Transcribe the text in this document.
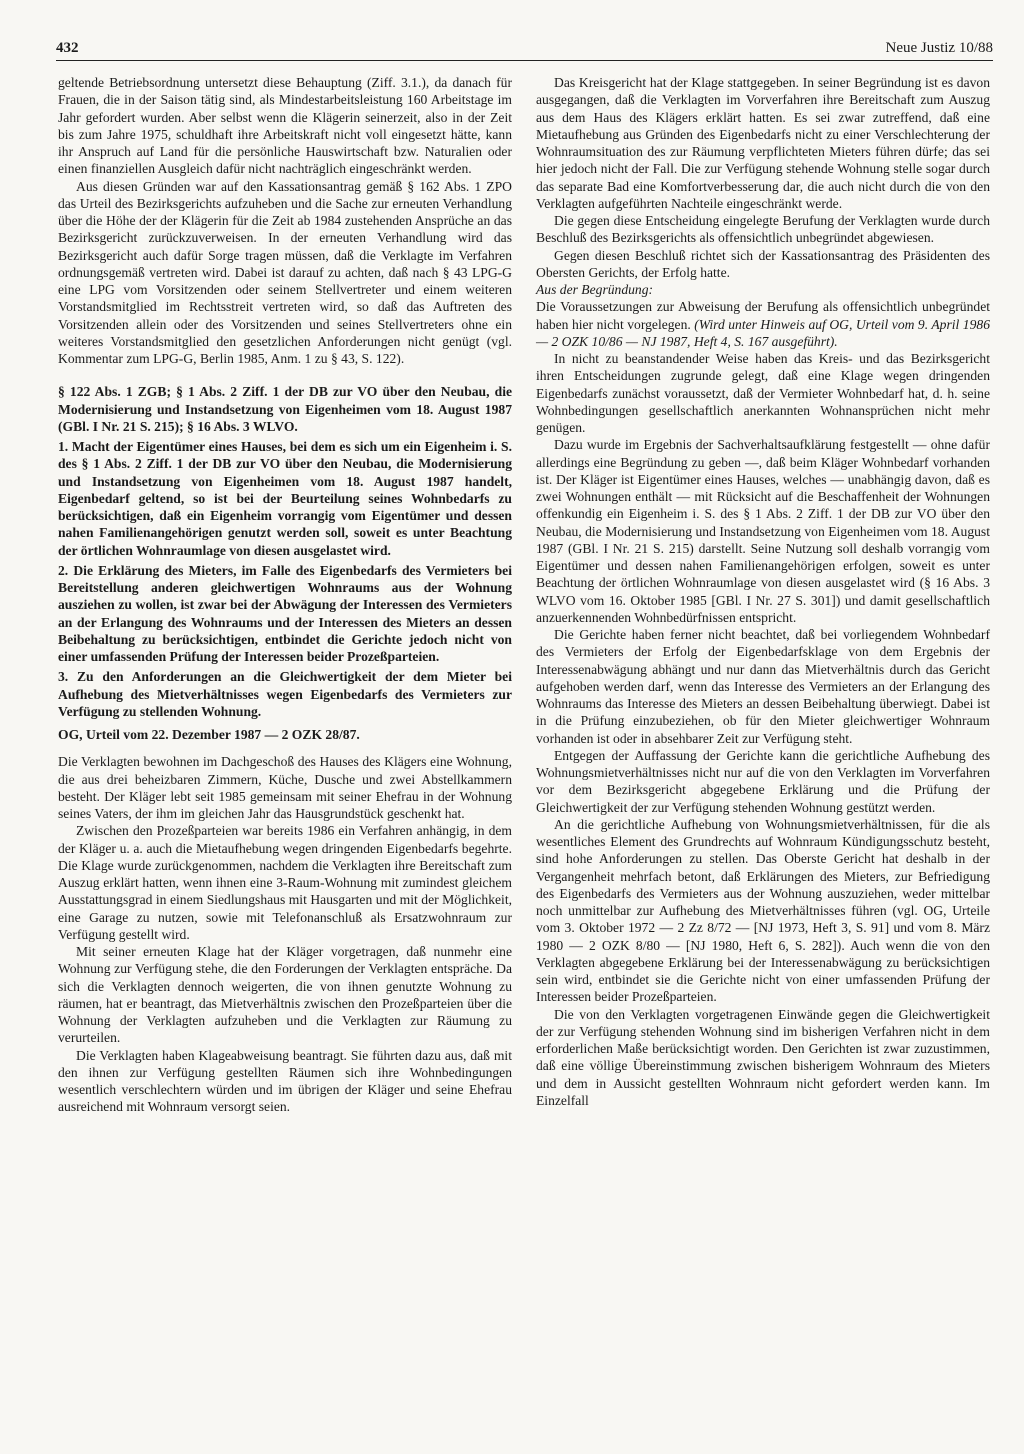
432	Neue Justiz 10/88

geltende Betriebsordnung untersetzt diese Behauptung (Ziff. 3.1.), da danach für Frauen, die in der Saison tätig sind, als Mindestarbeitsleistung 160 Arbeitstage im Jahr gefordert wurden. Aber selbst wenn die Klägerin seinerzeit, also in der Zeit bis zum Jahre 1975, schuldhaft ihre Arbeitskraft nicht voll eingesetzt hätte, kann ihr Anspruch auf Land für die persönliche Hauswirtschaft bzw. Naturalien oder einen finanziellen Ausgleich dafür nicht nachträglich eingeschränkt werden.

Aus diesen Gründen war auf den Kassationsantrag gemäß § 162 Abs. 1 ZPO das Urteil des Bezirksgerichts aufzuheben und die Sache zur erneuten Verhandlung über die Höhe der der Klägerin für die Zeit ab 1984 zustehenden Ansprüche an das Bezirksgericht zurückzuverweisen. In der erneuten Verhandlung wird das Bezirksgericht auch dafür Sorge tragen müssen, daß die Verklagte im Verfahren ordnungsgemäß vertreten wird. Dabei ist darauf zu achten, daß nach § 43 LPG-G eine LPG vom Vorsitzenden oder seinem Stellvertreter und einem weiteren Vorstandsmitglied im Rechtsstreit vertreten wird, so daß das Auftreten des Vorsitzenden allein oder des Vorsitzenden und seines Stellvertreters ohne ein weiteres Vorstandsmitglied den gesetzlichen Anforderungen nicht genügt (vgl. Kommentar zum LPG-G, Berlin 1985, Anm. 1 zu § 43, S. 122).

§ 122 Abs. 1 ZGB; § 1 Abs. 2 Ziff. 1 der DB zur VO über den Neubau, die Modernisierung und Instandsetzung von Eigenheimen vom 18. August 1987 (GBl. I Nr. 21 S. 215); § 16 Abs. 3 WLVO.

1. Macht der Eigentümer eines Hauses, bei dem es sich um ein Eigenheim i. S. des § 1 Abs. 2 Ziff. 1 der DB zur VO über den Neubau, die Modernisierung und Instandsetzung von Eigenheimen vom 18. August 1987 handelt, Eigenbedarf geltend, so ist bei der Beurteilung seines Wohnbedarfs zu berücksichtigen, daß ein Eigenheim vorrangig vom Eigentümer und dessen nahen Familienangehörigen genutzt werden soll, soweit es unter Beachtung der örtlichen Wohnraumlage von diesen ausgelastet wird.

2. Die Erklärung des Mieters, im Falle des Eigenbedarfs des Vermieters bei Bereitstellung anderen gleichwertigen Wohnraums aus der Wohnung ausziehen zu wollen, ist zwar bei der Abwägung der Interessen des Vermieters an der Erlangung des Wohnraums und der Interessen des Mieters an dessen Beibehaltung zu berücksichtigen, entbindet die Gerichte jedoch nicht von einer umfassenden Prüfung der Interessen beider Prozeßparteien.

3. Zu den Anforderungen an die Gleichwertigkeit der dem Mieter bei Aufhebung des Mietverhältnisses wegen Eigenbedarfs des Vermieters zur Verfügung zu stellenden Wohnung.

OG, Urteil vom 22. Dezember 1987 — 2 OZK 28/87.

Die Verklagten bewohnen im Dachgeschoß des Hauses des Klägers eine Wohnung, die aus drei beheizbaren Zimmern, Küche, Dusche und zwei Abstellkammern besteht. Der Kläger lebt seit 1985 gemeinsam mit seiner Ehefrau in der Wohnung seines Vaters, der ihm im gleichen Jahr das Hausgrundstück geschenkt hat.

Zwischen den Prozeßparteien war bereits 1986 ein Verfahren anhängig, in dem der Kläger u. a. auch die Mietaufhebung wegen dringenden Eigenbedarfs begehrte. Die Klage wurde zurückgenommen, nachdem die Verklagten ihre Bereitschaft zum Auszug erklärt hatten, wenn ihnen eine 3-Raum-Wohnung mit zumindest gleichem Ausstattungsgrad in einem Siedlungshaus mit Hausgarten und mit der Möglichkeit, eine Garage zu nutzen, sowie mit Telefonanschluß als Ersatzwohnraum zur Verfügung gestellt wird.

Mit seiner erneuten Klage hat der Kläger vorgetragen, daß nunmehr eine Wohnung zur Verfügung stehe, die den Forderungen der Verklagten entspräche. Da sich die Verklagten dennoch weigerten, die von ihnen genutzte Wohnung zu räumen, hat er beantragt, das Mietverhältnis zwischen den Prozeßparteien über die Wohnung der Verklagten aufzuheben und die Verklagten zur Räumung zu verurteilen.

Die Verklagten haben Klageabweisung beantragt. Sie führten dazu aus, daß mit den ihnen zur Verfügung gestellten Räumen sich ihre Wohnbedingungen wesentlich verschlechtern würden und im übrigen der Kläger und seine Ehefrau ausreichend mit Wohnraum versorgt seien.

Das Kreisgericht hat der Klage stattgegeben. In seiner Begründung ist es davon ausgegangen, daß die Verklagten im Vorverfahren ihre Bereitschaft zum Auszug aus dem Haus des Klägers erklärt hatten. Es sei zwar zutreffend, daß eine Mietaufhebung aus Gründen des Eigenbedarfs nicht zu einer Verschlechterung der Wohnraumsituation des zur Räumung verpflichteten Mieters führen dürfe; das sei hier jedoch nicht der Fall. Die zur Verfügung stehende Wohnung stelle sogar durch das separate Bad eine Komfortverbesserung dar, die auch nicht durch die von den Verklagten aufgeführten Nachteile eingeschränkt werde.

Die gegen diese Entscheidung eingelegte Berufung der Verklagten wurde durch Beschluß des Bezirksgerichts als offensichtlich unbegründet abgewiesen.

Gegen diesen Beschluß richtet sich der Kassationsantrag des Präsidenten des Obersten Gerichts, der Erfolg hatte.

Aus der Begründung:

Die Voraussetzungen zur Abweisung der Berufung als offensichtlich unbegründet haben hier nicht vorgelegen. (Wird unter Hinweis auf OG, Urteil vom 9. April 1986 — 2 OZK 10/86 — NJ 1987, Heft 4, S. 167 ausgeführt).

In nicht zu beanstandender Weise haben das Kreis- und das Bezirksgericht ihren Entscheidungen zugrunde gelegt, daß eine Klage wegen dringenden Eigenbedarfs zunächst voraussetzt, daß der Vermieter Wohnbedarf hat, d. h. seine Wohnbedingungen gesellschaftlich anerkannten Wohnansprüchen nicht mehr genügen.

Dazu wurde im Ergebnis der Sachverhaltsaufklärung festgestellt — ohne dafür allerdings eine Begründung zu geben —, daß beim Kläger Wohnbedarf vorhanden ist. Der Kläger ist Eigentümer eines Hauses, welches — unabhängig davon, daß es zwei Wohnungen enthält — mit Rücksicht auf die Beschaffenheit der Wohnungen offenkundig ein Eigenheim i. S. des § 1 Abs. 2 Ziff. 1 der DB zur VO über den Neubau, die Modernisierung und Instandsetzung von Eigenheimen vom 18. August 1987 (GBl. I Nr. 21 S. 215) darstellt. Seine Nutzung soll deshalb vorrangig vom Eigentümer und dessen nahen Familienangehörigen erfolgen, soweit es unter Beachtung der örtlichen Wohnraumlage von diesen ausgelastet wird (§ 16 Abs. 3 WLVO vom 16. Oktober 1985 [GBl. I Nr. 27 S. 301]) und damit gesellschaftlich anzuerkennenden Wohnbedürfnissen entspricht.

Die Gerichte haben ferner nicht beachtet, daß bei vorliegendem Wohnbedarf des Vermieters der Erfolg der Eigenbedarfsklage von dem Ergebnis der Interessenabwägung abhängt und nur dann das Mietverhältnis durch das Gericht aufgehoben werden darf, wenn das Interesse des Vermieters an der Erlangung des Wohnraums das Interesse des Mieters an dessen Beibehaltung überwiegt. Dabei ist in die Prüfung einzubeziehen, ob für den Mieter gleichwertiger Wohnraum vorhanden ist oder in absehbarer Zeit zur Verfügung steht.

Entgegen der Auffassung der Gerichte kann die gerichtliche Aufhebung des Wohnungsmietverhältnisses nicht nur auf die von den Verklagten im Vorverfahren vor dem Bezirksgericht abgegebene Erklärung und die Prüfung der Gleichwertigkeit der zur Verfügung stehenden Wohnung gestützt werden.

An die gerichtliche Aufhebung von Wohnungsmietverhältnissen, für die als wesentliches Element des Grundrechts auf Wohnraum Kündigungsschutz besteht, sind hohe Anforderungen zu stellen. Das Oberste Gericht hat deshalb in der Vergangenheit mehrfach betont, daß Erklärungen des Mieters, zur Befriedigung des Eigenbedarfs des Vermieters aus der Wohnung auszuziehen, weder mittelbar noch unmittelbar zur Aufhebung des Mietverhältnisses führen (vgl. OG, Urteile vom 3. Oktober 1972 — 2 Zz 8/72 — [NJ 1973, Heft 3, S. 91] und vom 8. März 1980 — 2 OZK 8/80 — [NJ 1980, Heft 6, S. 282]). Auch wenn die von den Verklagten abgegebene Erklärung bei der Interessenabwägung zu berücksichtigen sein wird, entbindet sie die Gerichte nicht von einer umfassenden Prüfung der Interessen beider Prozeßparteien.

Die von den Verklagten vorgetragenen Einwände gegen die Gleichwertigkeit der zur Verfügung stehenden Wohnung sind im bisherigen Verfahren nicht in dem erforderlichen Maße berücksichtigt worden. Den Gerichten ist zwar zuzustimmen, daß eine völlige Übereinstimmung zwischen bisherigem Wohnraum des Mieters und dem in Aussicht gestellten Wohnraum nicht gefordert werden kann. Im Einzelfall
